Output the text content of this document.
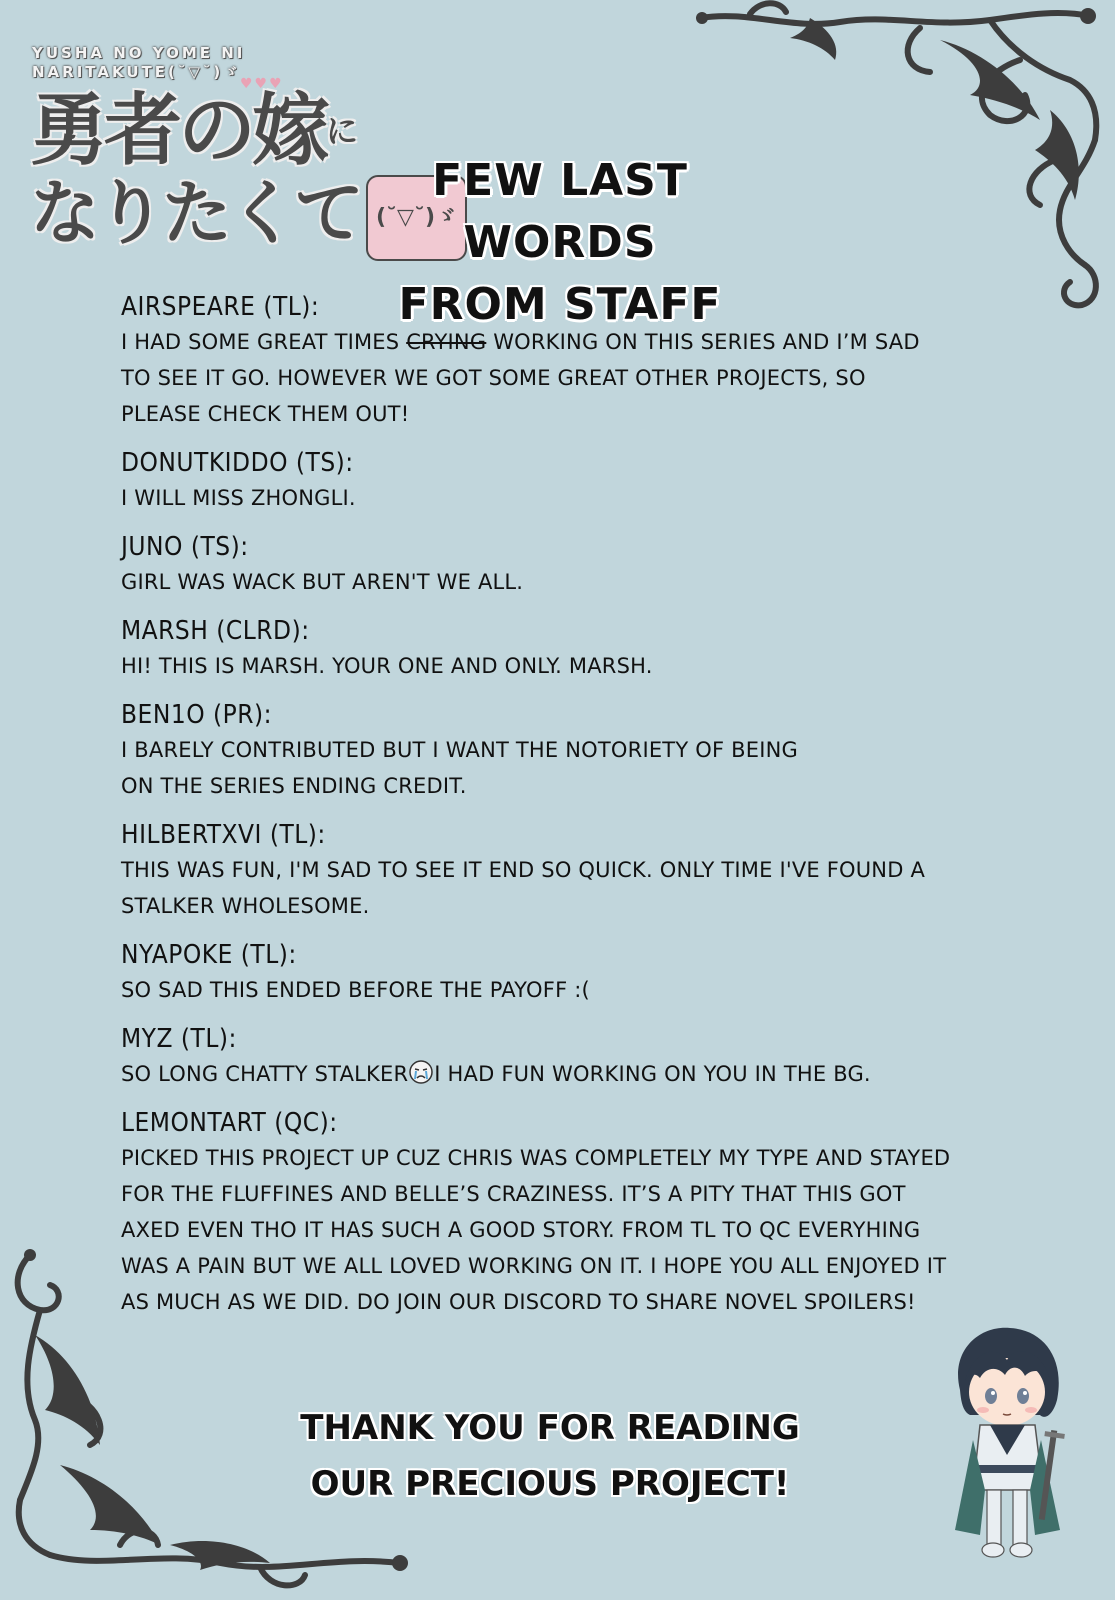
YUSHA NO YOME NI
NARITAKUTE(˘▽˘)ゞ
♥♥♥
勇者の嫁$^に$
なりたくて (˘▽˘)ゞ
FEW LAST WORDS
FROM STAFF
AIRSPEARE (TL):
I HAD SOME GREAT TIMES CRYING WORKING ON THIS SERIES AND I’M SAD TO SEE IT GO. HOWEVER WE GOT SOME GREAT OTHER PROJECTS, SO PLEASE CHECK THEM OUT!
DONUTKIDDO (TS):
I WILL MISS ZHONGLI.
JUNO (TS):
GIRL WAS WACK BUT AREN'T WE ALL.
MARSH (CLRD):
HI! THIS IS MARSH. YOUR ONE AND ONLY. MARSH.
BEN1O (PR):
I BARELY CONTRIBUTED BUT I WANT THE NOTORIETY OF BEING ON THE SERIES ENDING CREDIT.
HILBERTXVI (TL):
THIS WAS FUN, I'M SAD TO SEE IT END SO QUICK. ONLY TIME I'VE FOUND A STALKER WHOLESOME.
NYAPOKE (TL):
SO SAD THIS ENDED BEFORE THE PAYOFF :(
MYZ (TL):
SO LONG CHATTY STALKER I HAD FUN WORKING ON YOU IN THE BG.
LEMONTART (QC):
PICKED THIS PROJECT UP CUZ CHRIS WAS COMPLETELY MY TYPE AND STAYED FOR THE FLUFFINES AND BELLE’S CRAZINESS. IT’S A PITY THAT THIS GOT AXED EVEN THO IT HAS SUCH A GOOD STORY. FROM TL TO QC EVERYHING WAS A PAIN BUT WE ALL LOVED WORKING ON IT. I HOPE YOU ALL ENJOYED IT AS MUCH AS WE DID. DO JOIN OUR DISCORD TO SHARE NOVEL SPOILERS!
THANK YOU FOR READING
OUR PRECIOUS PROJECT!
